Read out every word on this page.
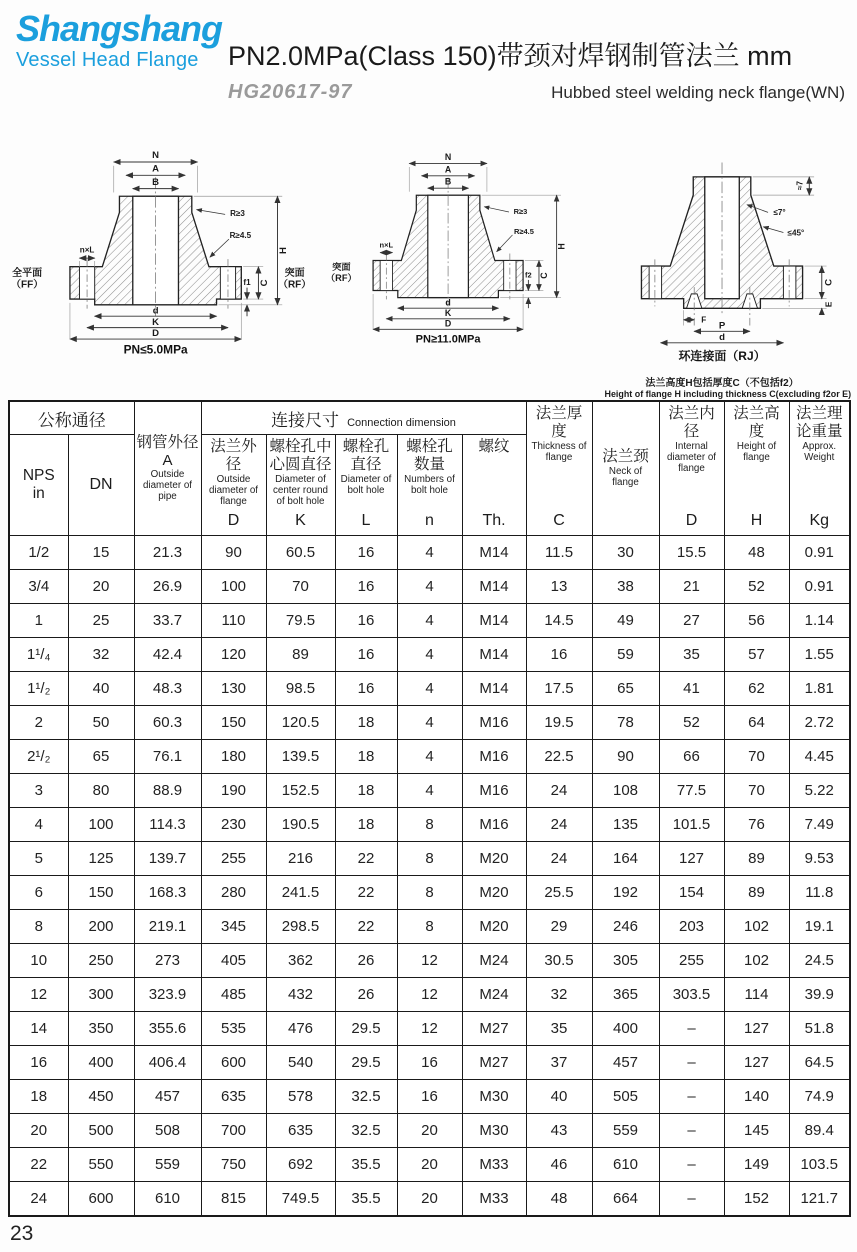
Shangshang
Vessel Head Flange	PN2.0MPa(Class 150)带颈对焊钢制管法兰 mm
HG20617-97	Hubbed steel welding neck flange(WN)
N
A
B
R≥3
R≥4.5
n×L
C
f1
H
d
K
D
PN≤5.0MPa
全平面
（FF）
突面
（RF）
N
A
B
R≥3
R≥4.5
n×L
C
f2
H
d
K
D
PN≥11.0MPa
突面
（RF）
≈7
≤7°
≤45°
C
E
F
P
d
环连接面（RJ）
法兰高度H包括厚度C（不包括f2）
Height of flange H including thickness C(excluding f2or E)
公称通径		钢管外径
A
Outside diameter of pipe	连接尺寸 Connection dimension					法兰厚度
Thickness of flange
C	法兰颈
Neck of flange	法兰内径
Internal diameter of flange
D	法兰高度
Height of flange
H	法兰理论重量
Approx. Weight
Kg

NPS
in	DN		法兰外径
Outside diameter of flange
D	螺栓孔中心圆直径
Diameter of center round of bolt hole
K	螺栓孔直径
Diameter of bolt hole
L	螺栓孔数量
Numbers of bolt hole
n	螺纹
Th.					

1/2	15	21.3	90	60.5	16	4	M14	11.5	30	15.5	48	0.91
3/4	20	26.9	100	70	16	4	M14	13	38	21	52	0.91
1	25	33.7	110	79.5	16	4	M14	14.5	49	27	56	1.14
1¹/₄	32	42.4	120	89	16	4	M14	16	59	35	57	1.55
1¹/₂	40	48.3	130	98.5	16	4	M14	17.5	65	41	62	1.81
2	50	60.3	150	120.5	18	4	M16	19.5	78	52	64	2.72
2¹/₂	65	76.1	180	139.5	18	4	M16	22.5	90	66	70	4.45
3	80	88.9	190	152.5	18	4	M16	24	108	77.5	70	5.22
4	100	114.3	230	190.5	18	8	M16	24	135	101.5	76	7.49
5	125	139.7	255	216	22	8	M20	24	164	127	89	9.53
6	150	168.3	280	241.5	22	8	M20	25.5	192	154	89	11.8
8	200	219.1	345	298.5	22	8	M20	29	246	203	102	19.1
10	250	273	405	362	26	12	M24	30.5	305	255	102	24.5
12	300	323.9	485	432	26	12	M24	32	365	303.5	114	39.9
14	350	355.6	535	476	29.5	12	M27	35	400	–	127	51.8
16	400	406.4	600	540	29.5	16	M27	37	457	–	127	64.5
18	450	457	635	578	32.5	16	M30	40	505	–	140	74.9
20	500	508	700	635	32.5	20	M30	43	559	–	145	89.4
22	550	559	750	692	35.5	20	M33	46	610	–	149	103.5
24	600	610	815	749.5	35.5	20	M33	48	664	–	152	121.7
23
